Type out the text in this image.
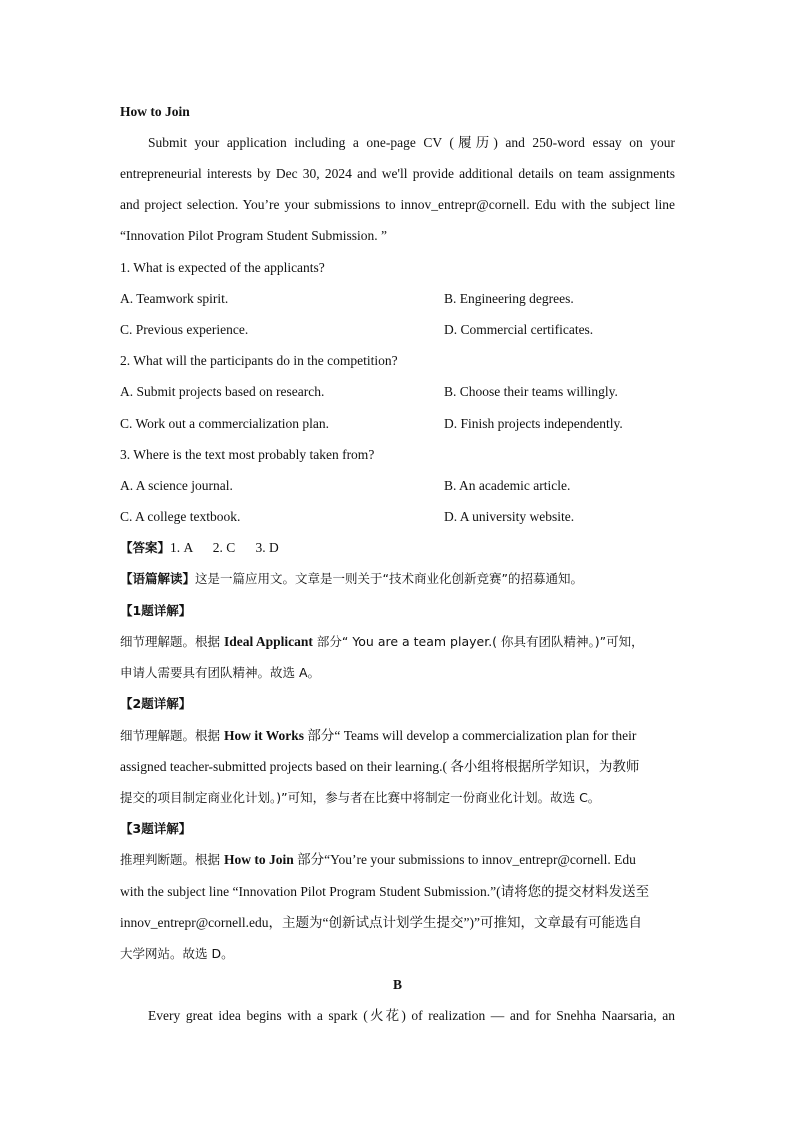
How to Join
Submit your application including a one-page CV (履历) and 250-word essay on your
entrepreneurial interests by Dec 30, 2024 and we'll provide additional details on team assignments
and project selection. You’re your submissions to innov_entrepr@cornell. Edu with the subject line
“Innovation Pilot Program Student Submission. ”
1. What is expected of the applicants?
A. Teamwork spirit.	B. Engineering degrees.
C. Previous experience.	D. Commercial certificates.
2. What will the participants do in the competition?
A. Submit projects based on research.	B. Choose their teams willingly.
C. Work out a commercialization plan.	D. Finish projects independently.
3. Where is the text most probably taken from?
A. A science journal.	B. An academic article.
C. A college textbook.	D. A university website.
【答案】1. A      2. C      3. D
【语篇解读】这是一篇应用文。文章是一则关于“技术商业化创新竞赛”的招募通知。
【1题详解】
细节理解题。根据 Ideal Applicant 部分“ You are a team player.( 你具有团队精神。)”可知，
申请人需要具有团队精神。故选 A。
【2题详解】
细节理解题。根据 How it Works 部分“ Teams will develop a commercialization plan for their
assigned teacher-submitted projects based on their learning.( 各小组将根据所学知识，为教师
提交的项目制定商业化计划。)”可知，参与者在比赛中将制定一份商业化计划。故选 C。
【3题详解】
推理判断题。根据 How to Join 部分“You’re your submissions to innov_entrepr@cornell. Edu
with the subject line “Innovation Pilot Program Student Submission.”(请将您的提交材料发送至
innov_entrepr@cornell.edu，主题为“创新试点计划学生提交”)”可推知，文章最有可能选自
大学网站。故选 D。
B
Every great idea begins with a spark (火花) of realization — and for Snehha Naarsaria, an
